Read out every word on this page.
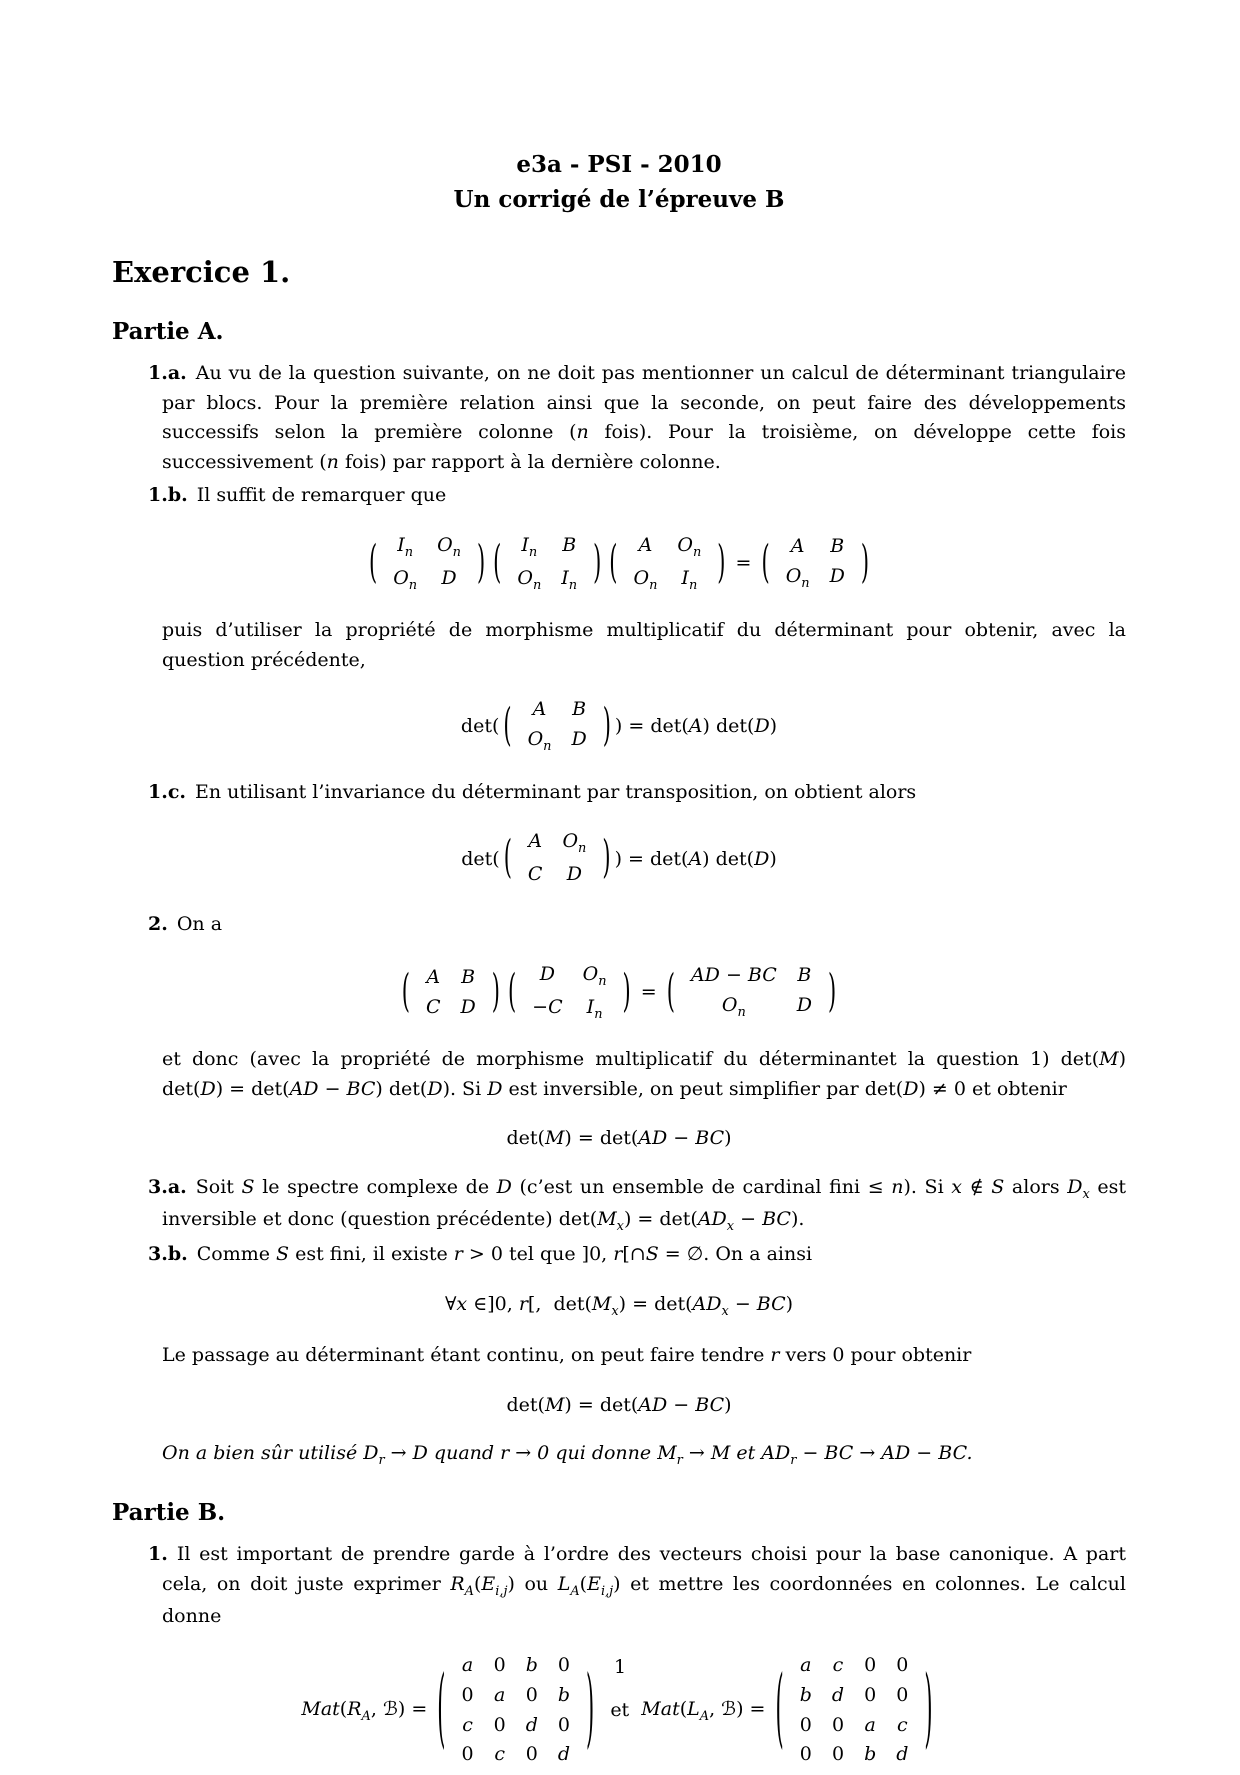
e3a - PSI - 2010
Un corrigé de l’épreuve B
Exercice 1.
Partie A.
1.a. Au vu de la question suivante, on ne doit pas mentionner un calcul de déterminant triangulaire par blocs. Pour la première relation ainsi que la seconde, on peut faire des développements successifs selon la première colonne (n fois). Pour la troisième, on développe cette fois successivement (n fois) par rapport à la dernière colonne.
1.b. Il suffit de remarquer que
( $I_n$	$O_n$
$O_n$	D ) ( $I_n$	B
$O_n$	$I_n$ ) ( A	$O_n$
$O_n$	$I_n$ ) = ( A	B
$O_n$	D )
puis d’utiliser la propriété de morphisme multiplicatif du déterminant pour obtenir, avec la question précédente,
det( ( A	B
$O_n$	D ) ) = det(A) det(D)
1.c. En utilisant l’invariance du déterminant par transposition, on obtient alors
det( ( A	$O_n$
C	D ) ) = det(A) det(D)
2. On a
( A	B
C	D ) ( D	$O_n$
−C	$I_n$ ) = ( AD − BC	B
$O_n$	D )
et donc (avec la propriété de morphisme multiplicatif du déterminantet la question 1) det(M) det(D) = det(AD − BC) det(D). Si D est inversible, on peut simplifier par det(D) ≠ 0 et obtenir
det(M) = det(AD − BC)
3.a. Soit S le spectre complexe de D (c’est un ensemble de cardinal fini ≤ n). Si x ∉ S alors $D_x$ est inversible et donc (question précédente) $\det(M_x) = \det(AD_x - BC)$.
3.b. Comme S est fini, il existe r > 0 tel que ]0, r[∩S = ∅. On a ainsi
∀x ∈]0, r[,  $\det(M_x) = \det(AD_x - BC)$
Le passage au déterminant étant continu, on peut faire tendre r vers 0 pour obtenir
det(M) = det(AD − BC)
On a bien sûr utilisé $D_r \to D$ quand r → 0 qui donne $M_r \to M$ et $AD_r$ − BC → AD − BC.
Partie B.
1. Il est important de prendre garde à l’ordre des vecteurs choisi pour la base canonique. A part cela, on doit juste exprimer $R_A(E_{i,j})$ ou $L_A(E_{i,j})$ et mettre les coordonnées en colonnes. Le calcul donne
$Mat(R_A$, ℬ) = ( a	0	b	0
0	a	0	b
c	0	d	0
0	c	0	d ) et $Mat(L_A$, ℬ) = ( a	c	0	0
b	d	0	0
0	0	a	c
0	0	b	d )
1
